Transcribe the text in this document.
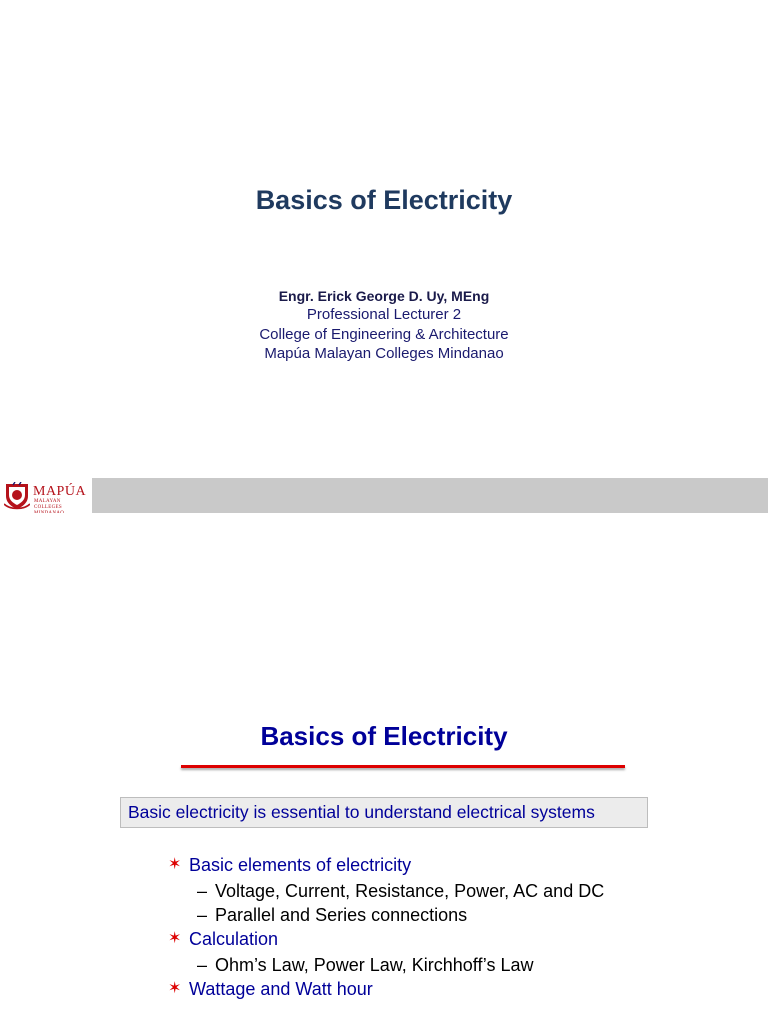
Basics of Electricity
Engr. Erick George D. Uy, MEng
Professional Lecturer 2
College of Engineering & Architecture
Mapúa Malayan Colleges Mindanao
MAPÚA
MALAYAN COLLEGES
Basics of Electricity
Basic electricity is essential to understand electrical systems
✶ Basic elements of electricity
– Voltage, Current, Resistance, Power, AC and DC
– Parallel and Series connections
✶ Calculation
– Ohm’s Law, Power Law, Kirchhoff’s Law
✶ Wattage and Watt hour
